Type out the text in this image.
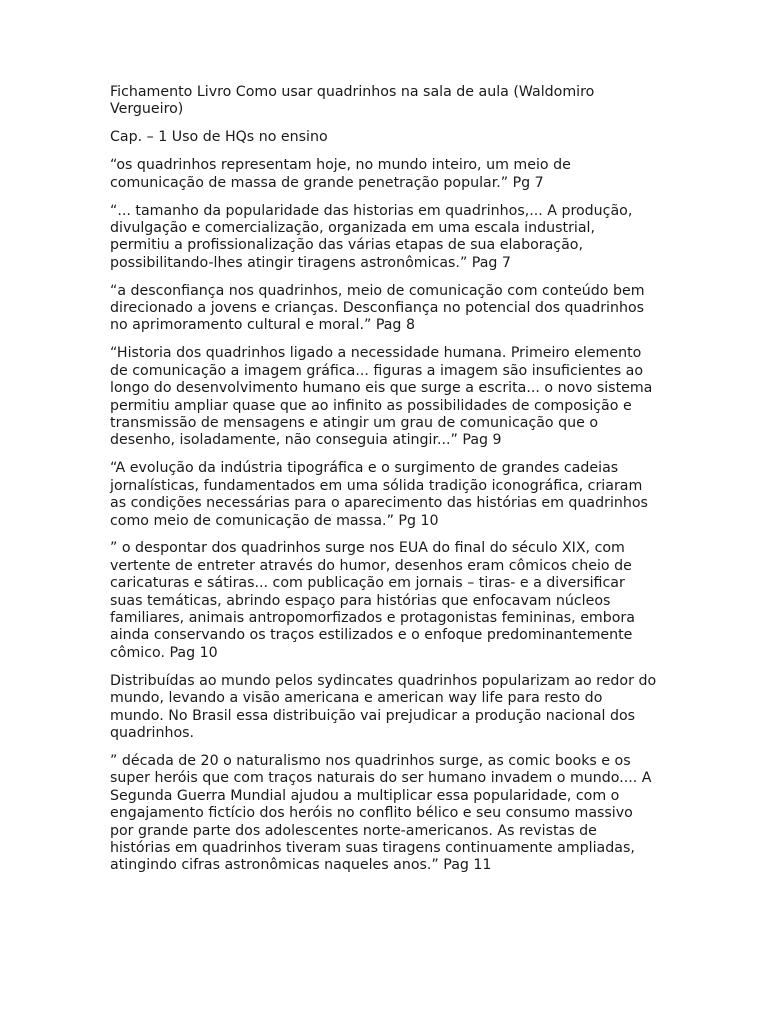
Fichamento Livro Como usar quadrinhos na sala de aula (Waldomiro
Vergueiro)

Cap. – 1 Uso de HQs no ensino

“os quadrinhos representam hoje, no mundo inteiro, um meio de
comunicação de massa de grande penetração popular.” Pg 7

“... tamanho da popularidade das historias em quadrinhos,... A produção,
divulgação e comercialização, organizada em uma escala industrial,
permitiu a profissionalização das várias etapas de sua elaboração,
possibilitando-lhes atingir tiragens astronômicas.” Pag 7

“a desconfiança nos quadrinhos, meio de comunicação com conteúdo bem
direcionado a jovens e crianças. Desconfiança no potencial dos quadrinhos
no aprimoramento cultural e moral.” Pag 8

“Historia dos quadrinhos ligado a necessidade humana. Primeiro elemento
de comunicação a imagem gráfica... figuras a imagem são insuficientes ao
longo do desenvolvimento humano eis que surge a escrita... o novo sistema
permitiu ampliar quase que ao infinito as possibilidades de composição e
transmissão de mensagens e atingir um grau de comunicação que o
desenho, isoladamente, não conseguia atingir...” Pag 9

“A evolução da indústria tipográfica e o surgimento de grandes cadeias
jornalísticas, fundamentados em uma sólida tradição iconográfica, criaram
as condições necessárias para o aparecimento das histórias em quadrinhos
como meio de comunicação de massa.” Pg 10

” o despontar dos quadrinhos surge nos EUA do final do século XIX, com
vertente de entreter através do humor, desenhos eram cômicos cheio de
caricaturas e sátiras... com publicação em jornais – tiras- e a diversificar
suas temáticas, abrindo espaço para histórias que enfocavam núcleos
familiares, animais antropomorfizados e protagonistas femininas, embora
ainda conservando os traços estilizados e o enfoque predominantemente
cômico. Pag 10

Distribuídas ao mundo pelos sydincates quadrinhos popularizam ao redor do
mundo, levando a visão americana e american way life para resto do
mundo. No Brasil essa distribuição vai prejudicar a produção nacional dos
quadrinhos.

” década de 20 o naturalismo nos quadrinhos surge, as comic books e os
super heróis que com traços naturais do ser humano invadem o mundo.... A
Segunda Guerra Mundial ajudou a multiplicar essa popularidade, com o
engajamento fictício dos heróis no conflito bélico e seu consumo massivo
por grande parte dos adolescentes norte-americanos. As revistas de
histórias em quadrinhos tiveram suas tiragens continuamente ampliadas,
atingindo cifras astronômicas naqueles anos.” Pag 11
